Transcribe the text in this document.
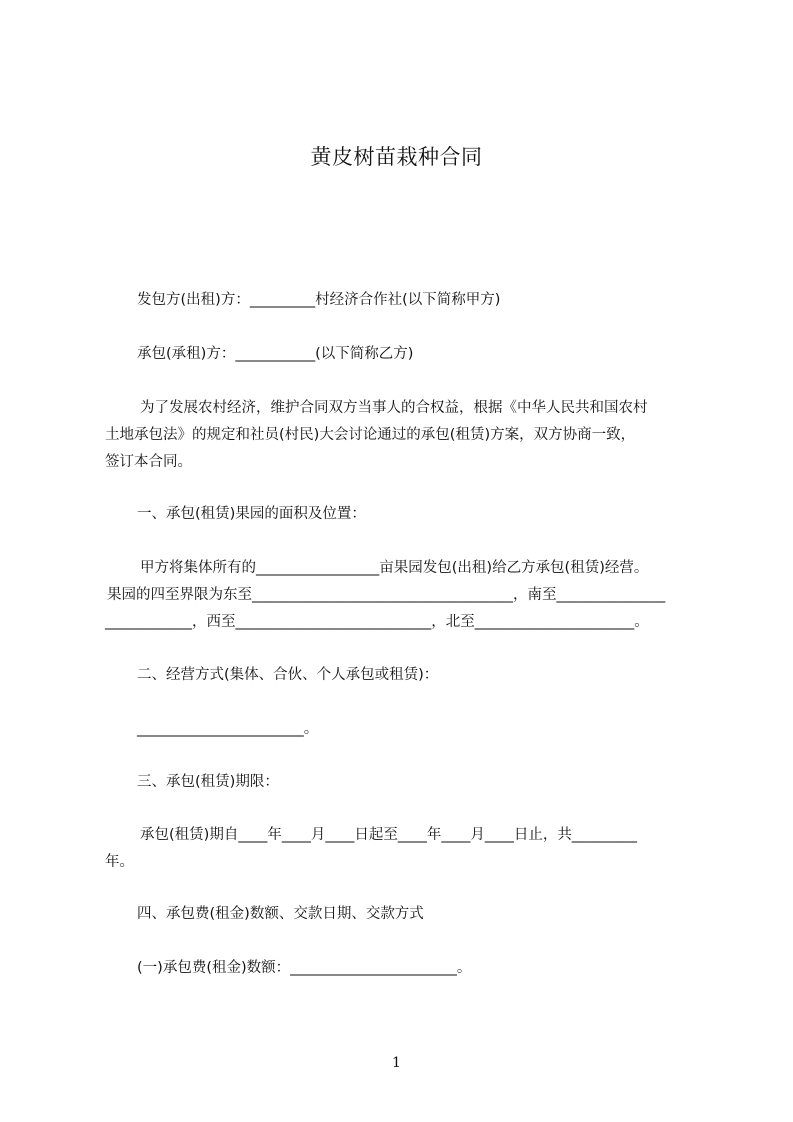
黄皮树苗栽种合同
发包方(出租)方：_________村经济合作社(以下简称甲方)
承包(承租)方：___________(以下简称乙方)
为了发展农村经济，维护合同双方当事人的合权益，根据《中华人民共和国农村
土地承包法》的规定和社员(村民)大会讨论通过的承包(租赁)方案，双方协商一致，
签订本合同。
一、承包(租赁)果园的面积及位置：
甲方将集体所有的_________________亩果园发包(出租)给乙方承包(租赁)经营。
果园的四至界限为东至____________________________________，南至_______________
____________，西至___________________________，北至______________________。
二、经营方式(集体、合伙、个人承包或租赁)：
_______________________。
三、承包(租赁)期限：
承包(租赁)期自____年____月____日起至____年____月____日止，共_________
年。
四、承包费(租金)数额、交款日期、交款方式
(一)承包费(租金)数额：_______________________。
1
